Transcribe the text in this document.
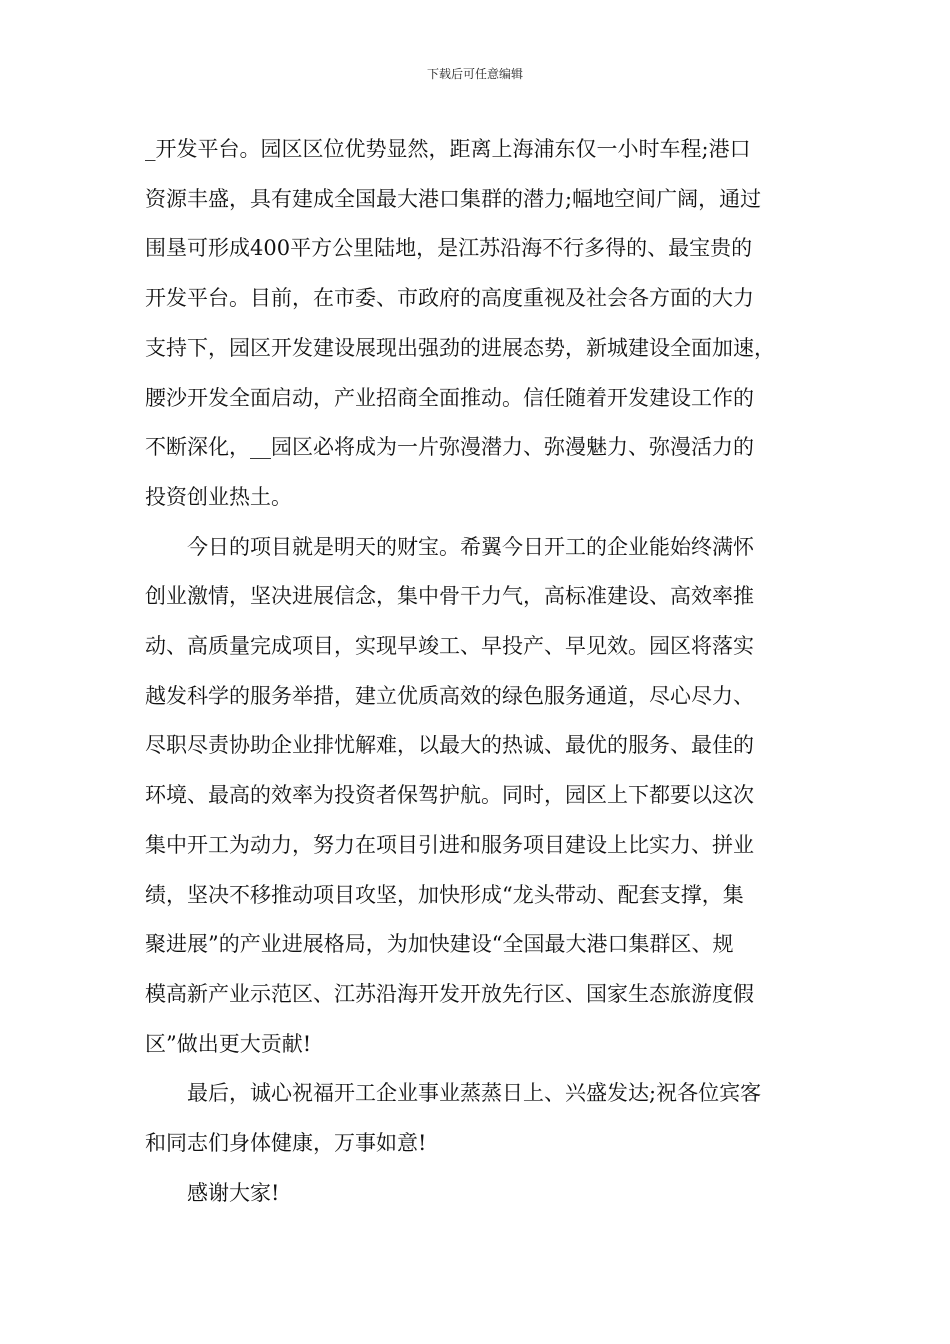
下载后可任意编辑

_开发平台。园区区位优势显然，距离上海浦东仅一小时车程;港口
资源丰盛，具有建成全国最大港口集群的潜力;幅地空间广阔，通过
围垦可形成400平方公里陆地，是江苏沿海不行多得的、最宝贵的
开发平台。目前，在市委、市政府的高度重视及社会各方面的大力
支持下，园区开发建设展现出强劲的进展态势，新城建设全面加速，
腰沙开发全面启动，产业招商全面推动。信任随着开发建设工作的
不断深化，__园区必将成为一片弥漫潜力、弥漫魅力、弥漫活力的
投资创业热土。

今日的项目就是明天的财宝。希翼今日开工的企业能始终满怀
创业激情，坚决进展信念，集中骨干力气，高标准建设、高效率推
动、高质量完成项目，实现早竣工、早投产、早见效。园区将落实
越发科学的服务举措，建立优质高效的绿色服务通道，尽心尽力、
尽职尽责协助企业排忧解难，以最大的热诚、最优的服务、最佳的
环境、最高的效率为投资者保驾护航。同时，园区上下都要以这次
集中开工为动力，努力在项目引进和服务项目建设上比实力、拼业
绩，坚决不移推动项目攻坚，加快形成“龙头带动、配套支撑，集
聚进展”的产业进展格局，为加快建设“全国最大港口集群区、规
模高新产业示范区、江苏沿海开发开放先行区、国家生态旅游度假
区”做出更大贡献!

最后，诚心祝福开工企业事业蒸蒸日上、兴盛发达;祝各位宾客
和同志们身体健康，万事如意!

感谢大家!
